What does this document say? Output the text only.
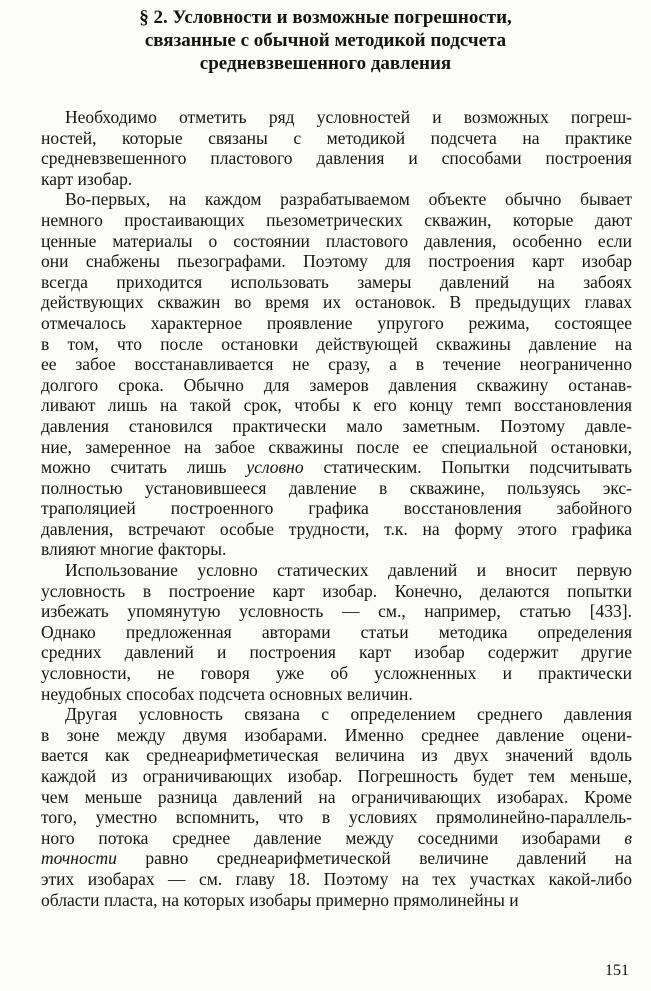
§ 2. Условности и возможные погрешности,
связанные с обычной методикой подсчета
средневзвешенного давления
Необходимо отметить ряд условностей и возможных погреш-
ностей, которые связаны с методикой подсчета на практике
средневзвешенного пластового давления и способами построения
карт изобар.
Во-первых, на каждом разрабатываемом объекте обычно бывает
немного простаивающих пьезометрических скважин, которые дают
ценные материалы о состоянии пластового давления, особенно если
они снабжены пьезографами. Поэтому для построения карт изобар
всегда приходится использовать замеры давлений на забоях
действующих скважин во время их остановок. В предыдущих главах
отмечалось характерное проявление упругого режима, состоящее
в том, что после остановки действующей скважины давление на
ее забое восстанавливается не сразу, а в течение неограниченно
долгого срока. Обычно для замеров давления скважину останав-
ливают лишь на такой срок, чтобы к его концу темп восстановления
давления становился практически мало заметным. Поэтому давле-
ние, замеренное на забое скважины после ее специальной остановки,
можно считать лишь условно статическим. Попытки подсчитывать
полностью установившееся давление в скважине, пользуясь экс-
траполяцией построенного графика восстановления забойного
давления, встречают особые трудности, т.к. на форму этого графика
влияют многие факторы.
Использование условно статических давлений и вносит первую
условность в построение карт изобар. Конечно, делаются попытки
избежать упомянутую условность — см., например, статью [433].
Однако предложенная авторами статьи методика определения
средних давлений и построения карт изобар содержит другие
условности, не говоря уже об усложненных и практически
неудобных способах подсчета основных величин.
Другая условность связана с определением среднего давления
в зоне между двумя изобарами. Именно среднее давление оцени-
вается как среднеарифметическая величина из двух значений вдоль
каждой из ограничивающих изобар. Погрешность будет тем меньше,
чем меньше разница давлений на ограничивающих изобарах. Кроме
того, уместно вспомнить, что в условиях прямолинейно-параллель-
ного потока среднее давление между соседними изобарами в
точности равно среднеарифметической величине давлений на
этих изобарах — см. главу 18. Поэтому на тех участках какой-либо
области пласта, на которых изобары примерно прямолинейны и
151
